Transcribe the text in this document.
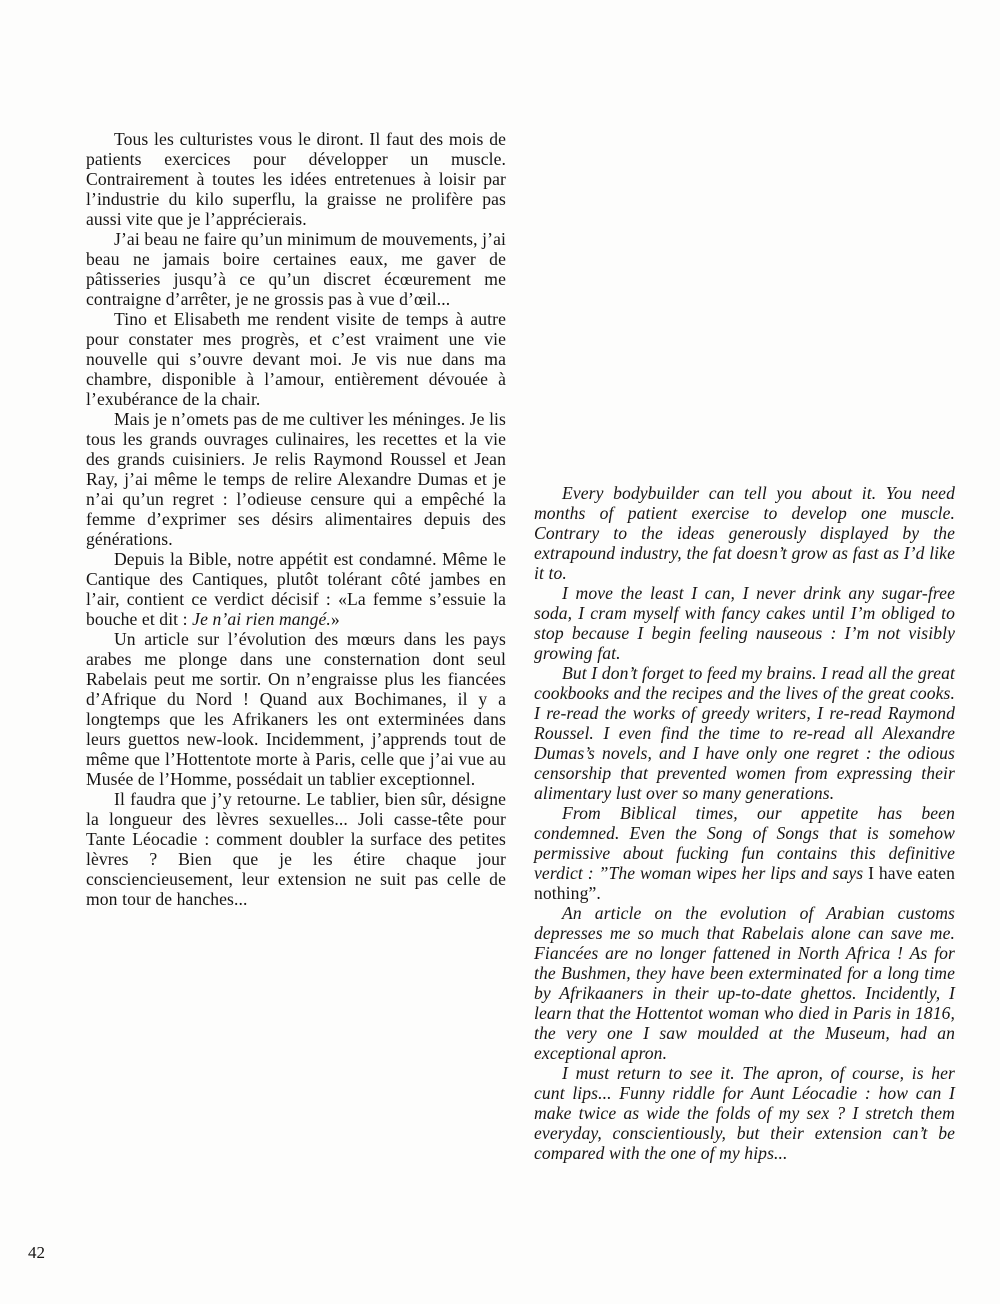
Tous les culturistes vous le diront. Il faut des mois de patients exercices pour développer un muscle. Contrairement à toutes les idées entretenues à loisir par l’industrie du kilo superflu, la graisse ne prolifère pas aussi vite que je l’apprécierais.

J’ai beau ne faire qu’un minimum de mouvements, j’ai beau ne jamais boire certaines eaux, me gaver de pâtisseries jusqu’à ce qu’un discret écœurement me contraigne d’arrêter, je ne grossis pas à vue d’œil...

Tino et Elisabeth me rendent visite de temps à autre pour constater mes progrès, et c’est vraiment une vie nouvelle qui s’ouvre devant moi. Je vis nue dans ma chambre, disponible à l’amour, entièrement dévouée à l’exubérance de la chair.

Mais je n’omets pas de me cultiver les méninges. Je lis tous les grands ouvrages culinaires, les recettes et la vie des grands cuisiniers. Je relis Raymond Roussel et Jean Ray, j’ai même le temps de relire Alexandre Dumas et je n’ai qu’un regret : l’odieuse censure qui a empêché la femme d’exprimer ses désirs alimentaires depuis des générations.

Depuis la Bible, notre appétit est condamné. Même le Cantique des Cantiques, plutôt tolérant côté jambes en l’air, contient ce verdict décisif : «La femme s’essuie la bouche et dit : Je n’ai rien mangé.»

Un article sur l’évolution des mœurs dans les pays arabes me plonge dans une consternation dont seul Rabelais peut me sortir. On n’engraisse plus les fiancées d’Afrique du Nord ! Quand aux Bochimanes, il y a longtemps que les Afrikaners les ont exterminées dans leurs guettos new-look. Incidemment, j’apprends tout de même que l’Hottentote morte à Paris, celle que j’ai vue au Musée de l’Homme, possédait un tablier exceptionnel.

Il faudra que j’y retourne. Le tablier, bien sûr, désigne la longueur des lèvres sexuelles... Joli casse-tête pour Tante Léocadie : comment doubler la surface des petites lèvres ? Bien que je les étire chaque jour consciencieusement, leur extension ne suit pas celle de mon tour de hanches...

Every bodybuilder can tell you about it. You need months of patient exercise to develop one muscle. Contrary to the ideas generously displayed by the extrapound industry, the fat doesn’t grow as fast as I’d like it to.

I move the least I can, I never drink any sugar-free soda, I cram myself with fancy cakes until I’m obliged to stop because I begin feeling nauseous : I’m not visibly growing fat.

But I don’t forget to feed my brains. I read all the great cookbooks and the recipes and the lives of the great cooks. I re-read the works of greedy writers, I re-read Raymond Roussel. I even find the time to re-read all Alexandre Dumas’s novels, and I have only one regret : the odious censorship that prevented women from expressing their alimentary lust over so many generations.

From Biblical times, our appetite has been condemned. Even the Song of Songs that is somehow permissive about fucking fun contains this definitive verdict : ”The woman wipes her lips and says I have eaten nothing”.

An article on the evolution of Arabian customs depresses me so much that Rabelais alone can save me. Fiancées are no longer fattened in North Africa ! As for the Bushmen, they have been exterminated for a long time by Afrikaaners in their up-to-date ghettos. Incidently, I learn that the Hottentot woman who died in Paris in 1816, the very one I saw moulded at the Museum, had an exceptional apron.

I must return to see it. The apron, of course, is her cunt lips... Funny riddle for Aunt Léocadie : how can I make twice as wide the folds of my sex ? I stretch them everyday, conscientiously, but their extension can’t be compared with the one of my hips...

42
